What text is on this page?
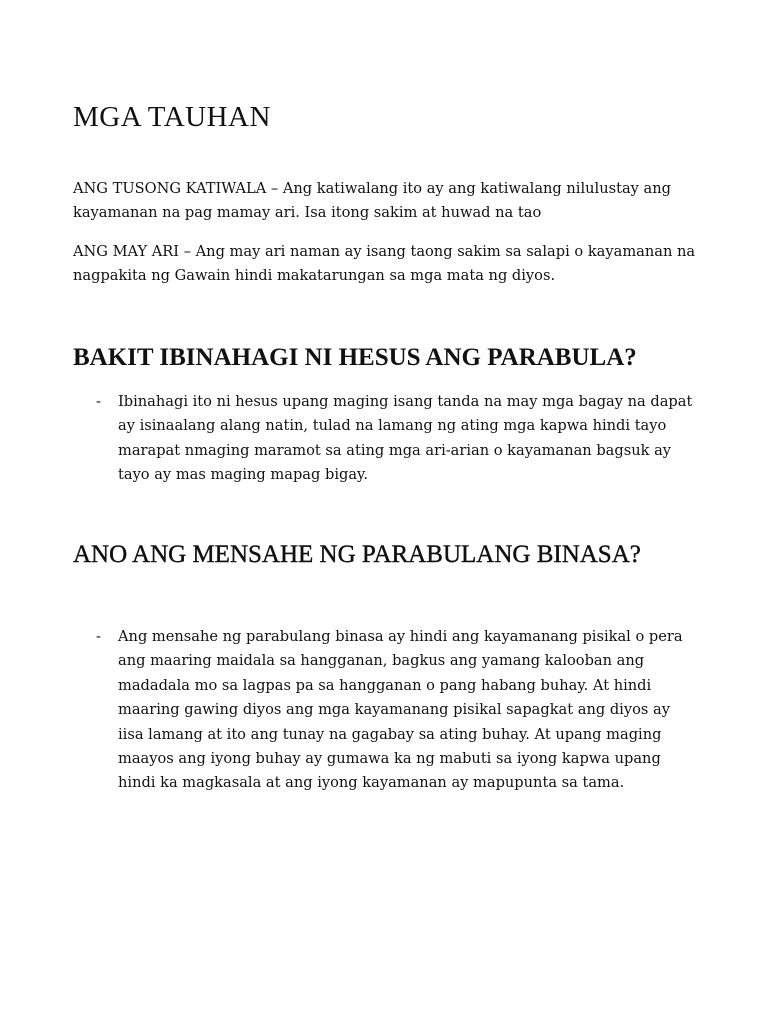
MGA TAUHAN

ANG TUSONG KATIWALA – Ang katiwalang ito ay ang katiwalang nilulustay ang kayamanan na pag mamay ari. Isa itong sakim at huwad na tao

ANG MAY ARI – Ang may ari naman ay isang taong sakim sa salapi o kayamanan na nagpakita ng Gawain hindi makatarungan sa mga mata ng diyos.

BAKIT IBINAHAGI NI HESUS ANG PARABULA?
- Ibinahagi ito ni hesus upang maging isang tanda na may mga bagay na dapat ay isinaalang alang natin, tulad na lamang ng ating mga kapwa hindi tayo marapat nmaging maramot sa ating mga ari-arian o kayamanan bagsuk ay tayo ay mas maging mapag bigay.

ANO ANG MENSAHE NG PARABULANG BINASA?
- Ang mensahe ng parabulang binasa ay hindi ang kayamanang pisikal o pera ang maaring maidala sa hangganan, bagkus ang yamang kalooban ang madadala mo sa lagpas pa sa hangganan o pang habang buhay. At hindi maaring gawing diyos ang mga kayamanang pisikal sapagkat ang diyos ay iisa lamang at ito ang tunay na gagabay sa ating buhay. At upang maging maayos ang iyong buhay ay gumawa ka ng mabuti sa iyong kapwa upang hindi ka magkasala at ang iyong kayamanan ay mapupunta sa tama.
